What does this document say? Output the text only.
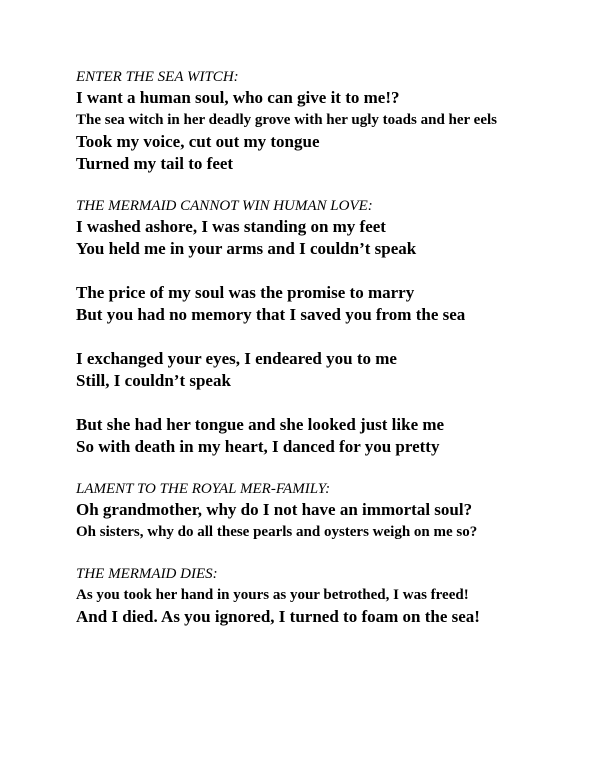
ENTER THE SEA WITCH:
I want a human soul, who can give it to me!?
The sea witch in her deadly grove with her ugly toads and her eels
Took my voice, cut out my tongue
Turned my tail to feet
THE MERMAID CANNOT WIN HUMAN LOVE:
I washed ashore, I was standing on my feet
You held me in your arms and I couldn’t speak
The price of my soul was the promise to marry
But you had no memory that I saved you from the sea
I exchanged your eyes, I endeared you to me
Still, I couldn’t speak
But she had her tongue and she looked just like me
So with death in my heart, I danced for you pretty
LAMENT TO THE ROYAL MER-FAMILY:
Oh grandmother, why do I not have an immortal soul?
Oh sisters, why do all these pearls and oysters weigh on me so?
THE MERMAID DIES:
As you took her hand in yours as your betrothed, I was freed!
And I died. As you ignored, I turned to foam on the sea!
